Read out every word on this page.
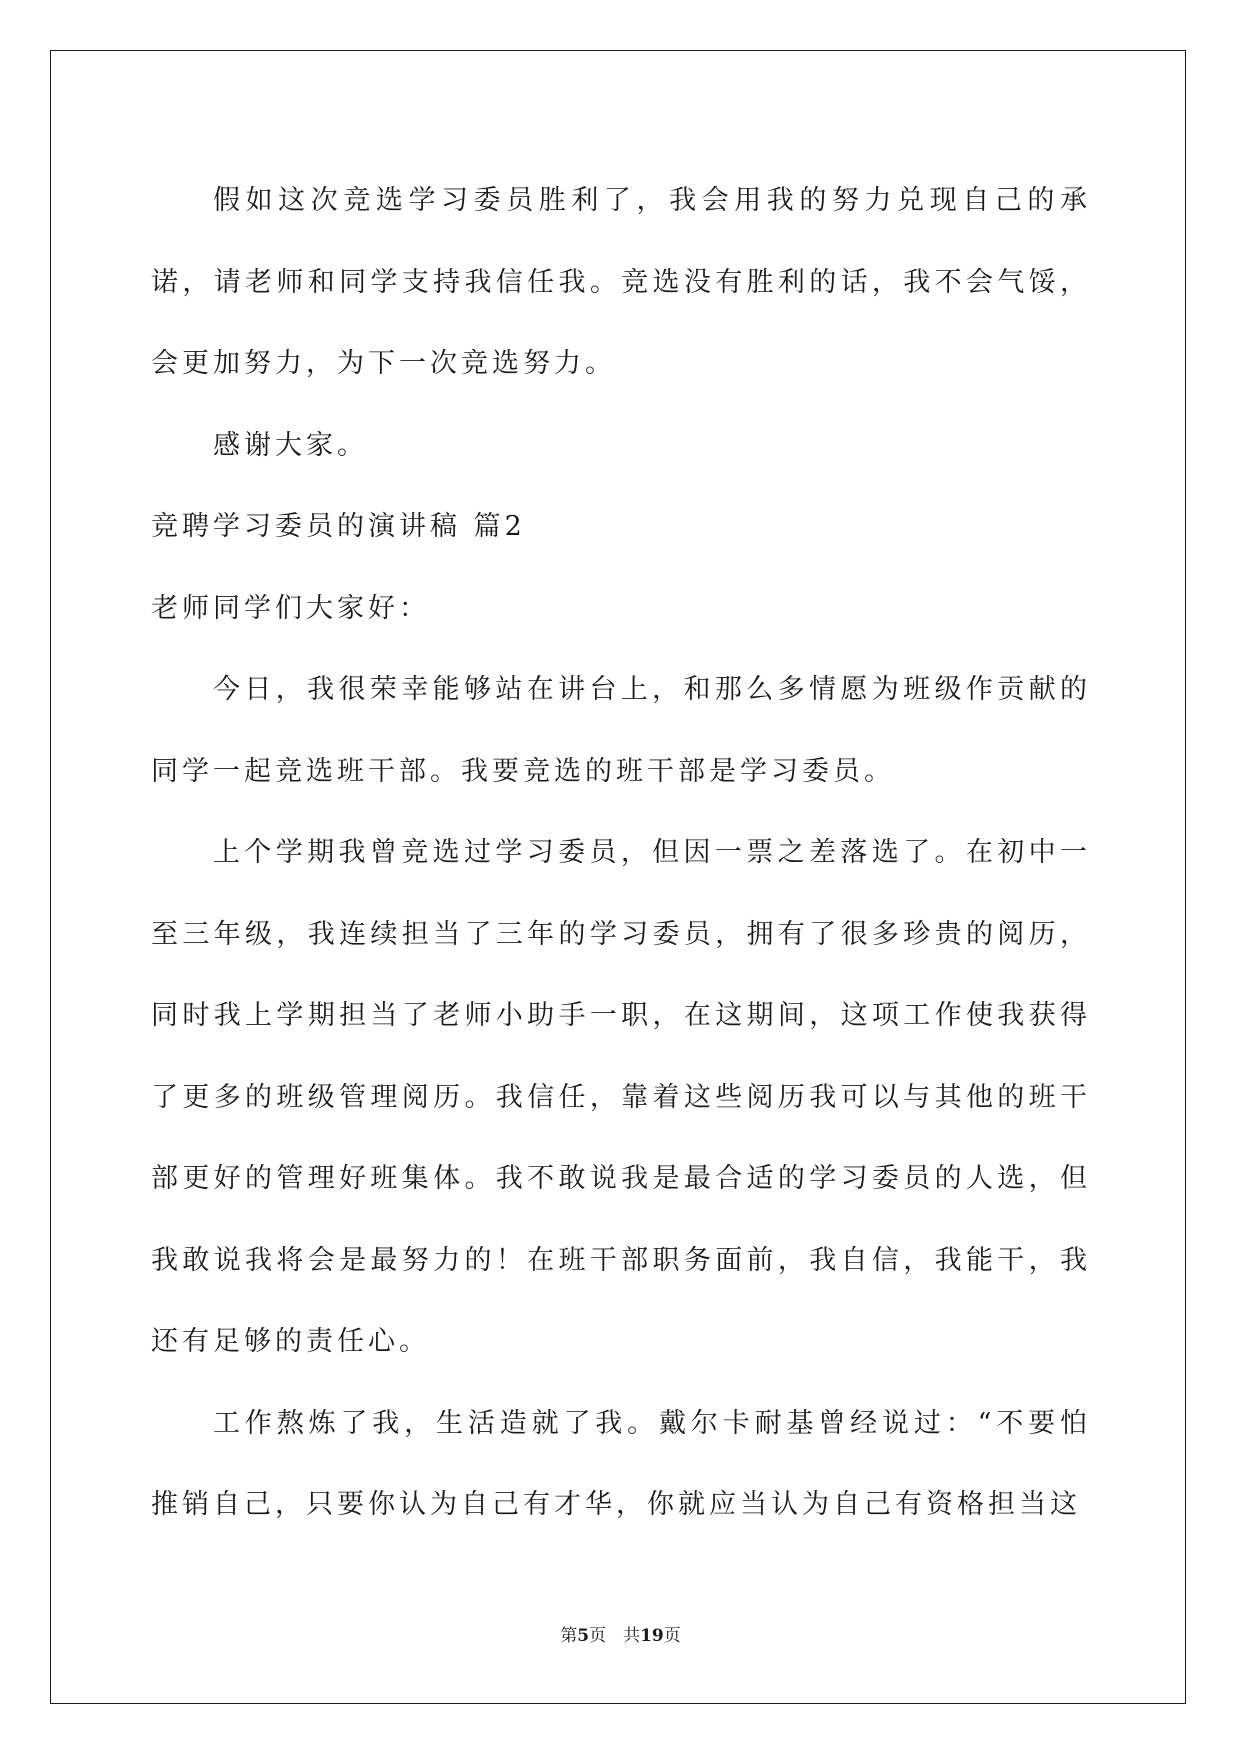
假如这次竞选学习委员胜利了，我会用我的努力兑现自己的承诺，请老师和同学支持我信任我。竞选没有胜利的话，我不会气馁，会更加努力，为下一次竞选努力。

感谢大家。

竞聘学习委员的演讲稿 篇2

老师同学们大家好：

今日，我很荣幸能够站在讲台上，和那么多情愿为班级作贡献的同学一起竞选班干部。我要竞选的班干部是学习委员。

上个学期我曾竞选过学习委员，但因一票之差落选了。在初中一至三年级，我连续担当了三年的学习委员，拥有了很多珍贵的阅历，同时我上学期担当了老师小助手一职，在这期间，这项工作使我获得了更多的班级管理阅历。我信任，靠着这些阅历我可以与其他的班干部更好的管理好班集体。我不敢说我是最合适的学习委员的人选，但我敢说我将会是最努力的！在班干部职务面前，我自信，我能干，我还有足够的责任心。

工作熬炼了我，生活造就了我。戴尔卡耐基曾经说过：“不要怕推销自己，只要你认为自己有才华，你就应当认为自己有资格担当这

第5页　共19页
